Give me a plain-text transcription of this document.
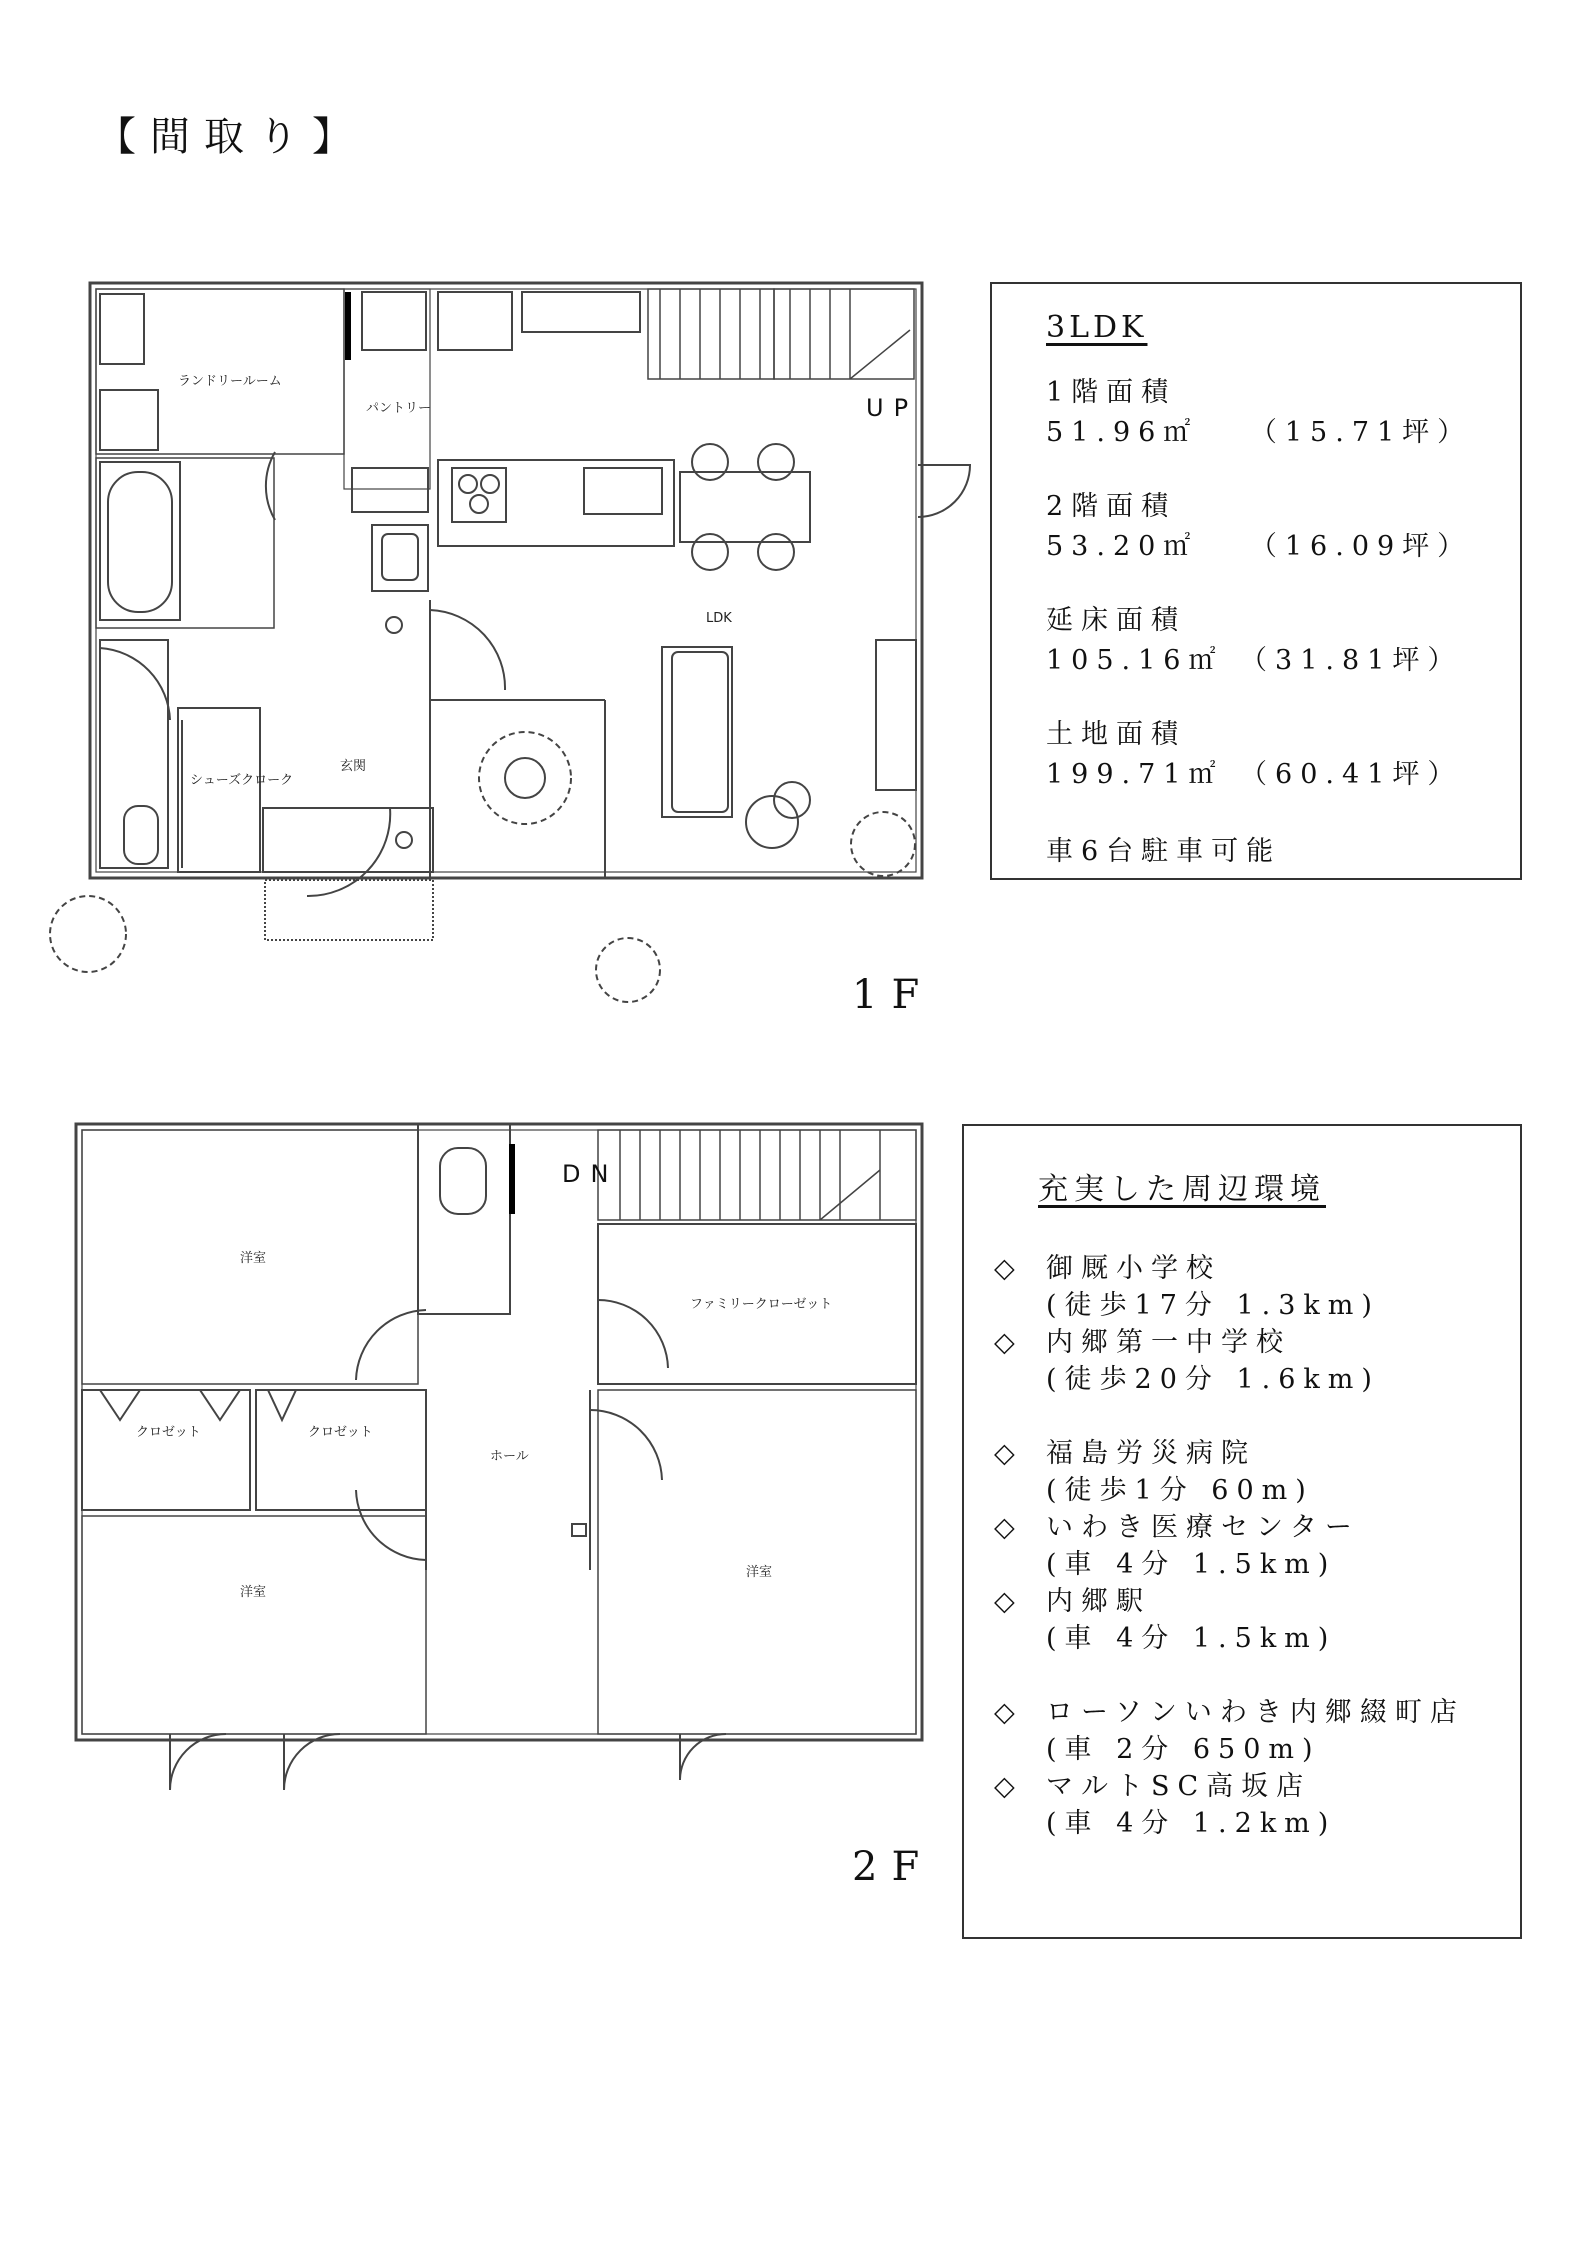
【間取り】
ランドリールーム
パントリー
LDK
シューズクローク
玄関
洋室
ファミリークローゼット
クロゼット	クロゼット
ホール
洋室
洋室
UP
DN
1F
2F
3LDK
1階面積
51.96㎡　 （15.71坪）
2階面積
53.20㎡　 （16.09坪）
延床面積
105.16㎡ （31.81坪）
土地面積
199.71㎡ （60.41坪）
車6台駐車可能
充実した周辺環境
◇ 御厩小学校
(徒歩17分 1.3km)
◇ 内郷第一中学校
(徒歩20分 1.6km)
◇ 福島労災病院
(徒歩1分 60m)
◇ いわき医療センター
(車 4分 1.5km)
◇ 内郷駅
(車 4分 1.5km)
◇ ローソンいわき内郷綴町店
(車 2分 650m)
◇ マルトSC高坂店
(車 4分 1.2km)
